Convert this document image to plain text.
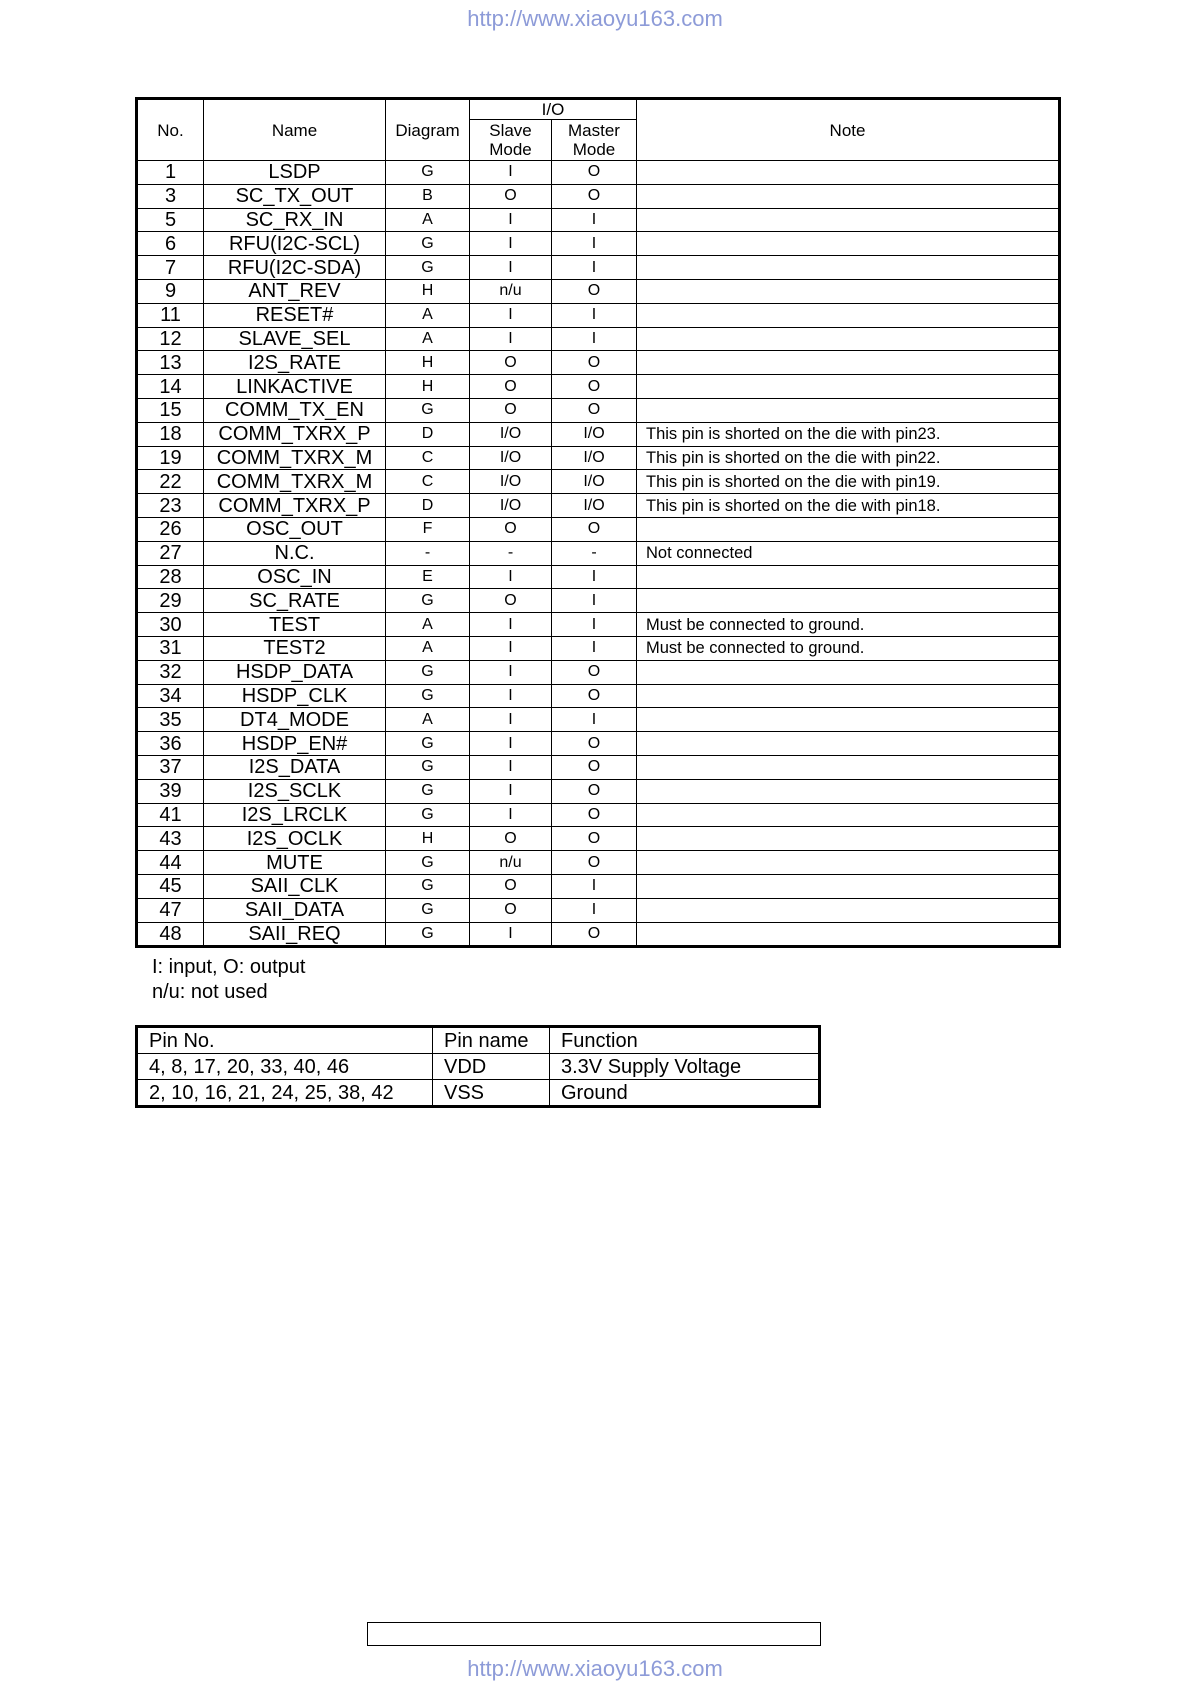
http://www.xiaoyu163.com
No.	Name	Diagram	I/O		Note
			Slave Mode	Master Mode	
1	LSDP	G	I	O	
3	SC_TX_OUT	B	O	O	
5	SC_RX_IN	A	I	I	
6	RFU(I2C-SCL)	G	I	I	
7	RFU(I2C-SDA)	G	I	I	
9	ANT_REV	H	n/u	O	
11	RESET#	A	I	I	
12	SLAVE_SEL	A	I	I	
13	I2S_RATE	H	O	O	
14	LINKACTIVE	H	O	O	
15	COMM_TX_EN	G	O	O	
18	COMM_TXRX_P	D	I/O	I/O	This pin is shorted on the die with pin23.
19	COMM_TXRX_M	C	I/O	I/O	This pin is shorted on the die with pin22.
22	COMM_TXRX_M	C	I/O	I/O	This pin is shorted on the die with pin19.
23	COMM_TXRX_P	D	I/O	I/O	This pin is shorted on the die with pin18.
26	OSC_OUT	F	O	O	
27	N.C.	-	-	-	Not connected
28	OSC_IN	E	I	I	
29	SC_RATE	G	O	I	
30	TEST	A	I	I	Must be connected to ground.
31	TEST2	A	I	I	Must be connected to ground.
32	HSDP_DATA	G	I	O	
34	HSDP_CLK	G	I	O	
35	DT4_MODE	A	I	I	
36	HSDP_EN#	G	I	O	
37	I2S_DATA	G	I	O	
39	I2S_SCLK	G	I	O	
41	I2S_LRCLK	G	I	O	
43	I2S_OCLK	H	O	O	
44	MUTE	G	n/u	O	
45	SAII_CLK	G	O	I	
47	SAII_DATA	G	O	I	
48	SAII_REQ	G	I	O	
I: input, O: output
n/u: not used
Pin No.	Pin name	Function
4, 8, 17, 20, 33, 40, 46	VDD	3.3V Supply Voltage
2, 10, 16, 21, 24, 25, 38, 42	VSS	Ground
http://www.xiaoyu163.com
